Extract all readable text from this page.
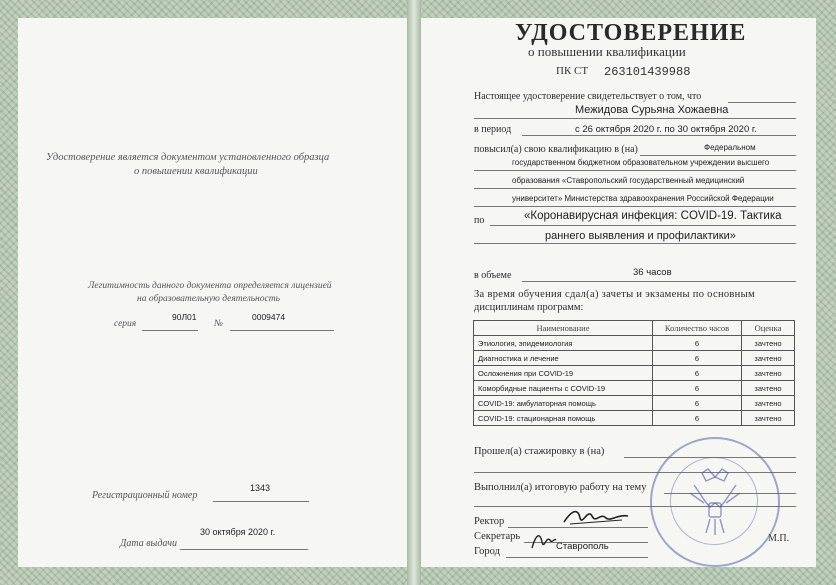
Удостоверение является документом установленного образца
о повышении квалификации
Легитимность данного документа определяется лицензией
на образовательную деятельность
серия
90Л01
№
0009474
Регистрационный номер
1343
Дата выдачи
30 октября 2020 г.
УДОСТОВЕРЕНИЕ
о повышении квалификации
ПК СТ 263101439988
Настоящее удостоверение свидетельствует о том, что
Межидова Сурьяна Хожаевна
в период	с 26 октября 2020 г. по 30 октября 2020 г.
повысил(а) свою квалификацию в (на)	Федеральном
государственном бюджетном образовательном учреждении высшего
образования «Ставропольский государственный медицинский
университет» Министерства здравоохранения Российской Федерации
по	«Коронавирусная инфекция: COVID-19. Тактика
раннего выявления и профилактики»
в объеме	36 часов
За время обучения сдал(а) зачеты и экзамены по основным
дисциплинам программ:
Наименование	Количество часов	Оценка
Этиология, эпидемиология	6	зачтено
Диагностика и лечение	6	зачтено
Осложнения при COVID-19	6	зачтено
Коморбидные пациенты с COVID-19	6	зачтено
COVID-19: амбулаторная помощь	6	зачтено
COVID-19: стационарная помощь	6	зачтено
Прошел(а) стажировку в (на)
Выполнил(а) итоговую работу на тему
Ректор
Секретарь
Город	Ставрополь
М.П.
